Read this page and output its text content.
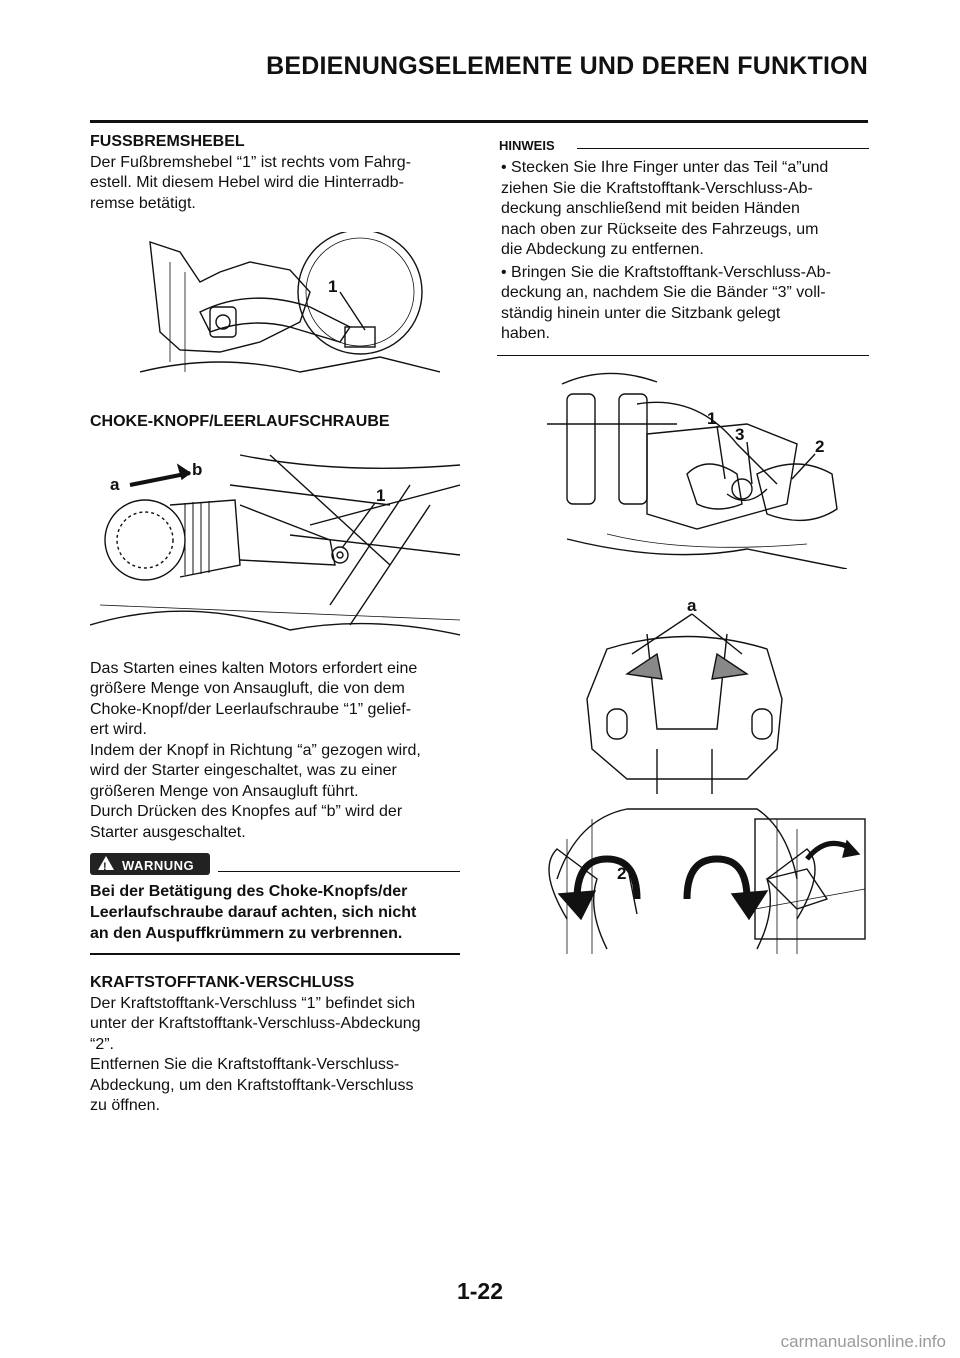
BEDIENUNGSELEMENTE UND DEREN FUNKTION
FUSSBREMSHEBEL

Der Fußbremshebel “1” ist rechts vom Fahrg-

estell. Mit diesem Hebel wird die Hinterradb-

remse betätigt.

1
CHOKE-KNOPF/LEERLAUFSCHRAUBE
a
b
1

Das Starten eines kalten Motors erfordert eine

größere Menge von Ansaugluft, die von dem

Choke-Knopf/der Leerlaufschraube “1” gelief-

ert wird.

Indem der Knopf in Richtung “a” gezogen wird,

wird der Starter eingeschaltet, was zu einer

größeren Menge von Ansaugluft führt.

Durch Drücken des Knopfes auf “b” wird der

Starter ausgeschaltet.

!
WARNUNG

Bei der Betätigung des Choke-Knopfs/der

Leerlaufschraube darauf achten, sich nicht

an den Auspuffkrümmern zu verbrennen.

KRAFTSTOFFTANK-VERSCHLUSS

Der Kraftstofftank-Verschluss “1” befindet sich

unter der Kraftstofftank-Verschluss-Abdeckung

“2”.

Entfernen Sie die Kraftstofftank-Verschluss-

Abdeckung, um den Kraftstofftank-Verschluss

zu öffnen.

HINWEIS

• Stecken Sie Ihre Finger unter das Teil “a”und

ziehen Sie die Kraftstofftank-Verschluss-Ab-

deckung anschließend mit beiden Händen

nach oben zur Rückseite des Fahrzeugs, um

die Abdeckung zu entfernen.

• Bringen Sie die Kraftstofftank-Verschluss-Ab-

deckung an, nachdem Sie die Bänder “3” voll-

ständig hinein unter die Sitzbank gelegt

haben.

1
3
2
a
2
1-22
carmanualsonline.info
